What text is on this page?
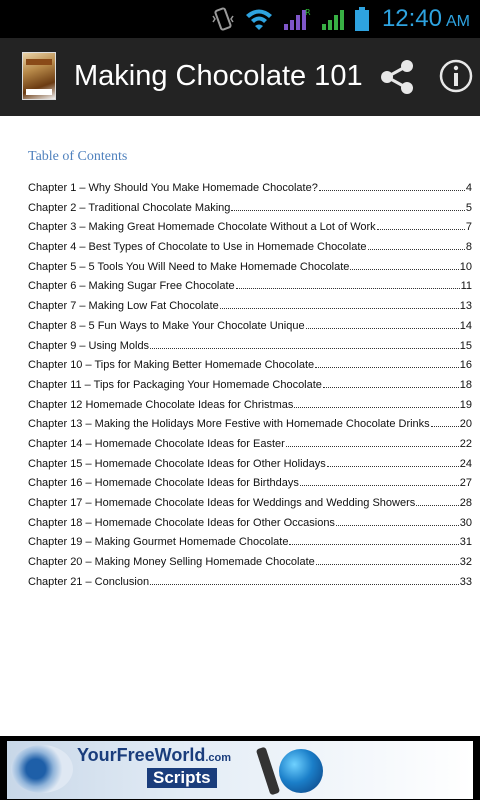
R	12:40 AM
Making Chocolate 101
Table of Contents
Chapter 1 – Why Should You Make Homemade Chocolate?	4
Chapter 2 – Traditional Chocolate Making	5
Chapter 3 – Making Great Homemade Chocolate Without a Lot of Work	7
Chapter 4 – Best Types of Chocolate to Use in Homemade Chocolate	8
Chapter 5 – 5 Tools You Will Need to Make Homemade Chocolate	10
Chapter 6 – Making Sugar Free Chocolate	11
Chapter 7 – Making Low Fat Chocolate	13
Chapter 8 – 5 Fun Ways to Make Your Chocolate Unique	14
Chapter 9 – Using Molds	15
Chapter 10 – Tips for Making Better Homemade Chocolate	16
Chapter 11 – Tips for Packaging Your Homemade Chocolate	18
Chapter 12 Homemade Chocolate Ideas for Christmas	19
Chapter 13 – Making the Holidays More Festive with Homemade Chocolate Drinks	20
Chapter 14 – Homemade Chocolate Ideas for Easter	22
Chapter 15 – Homemade Chocolate Ideas for Other Holidays	24
Chapter 16 – Homemade Chocolate Ideas for Birthdays	27
Chapter 17 – Homemade Chocolate Ideas for Weddings and Wedding Showers	28
Chapter 18 – Homemade Chocolate Ideas for Other Occasions	30
Chapter 19 – Making Gourmet Homemade Chocolate	31
Chapter 20 – Making Money Selling Homemade Chocolate	32
Chapter 21 – Conclusion	33
YourFreeWorld.com
Scripts
